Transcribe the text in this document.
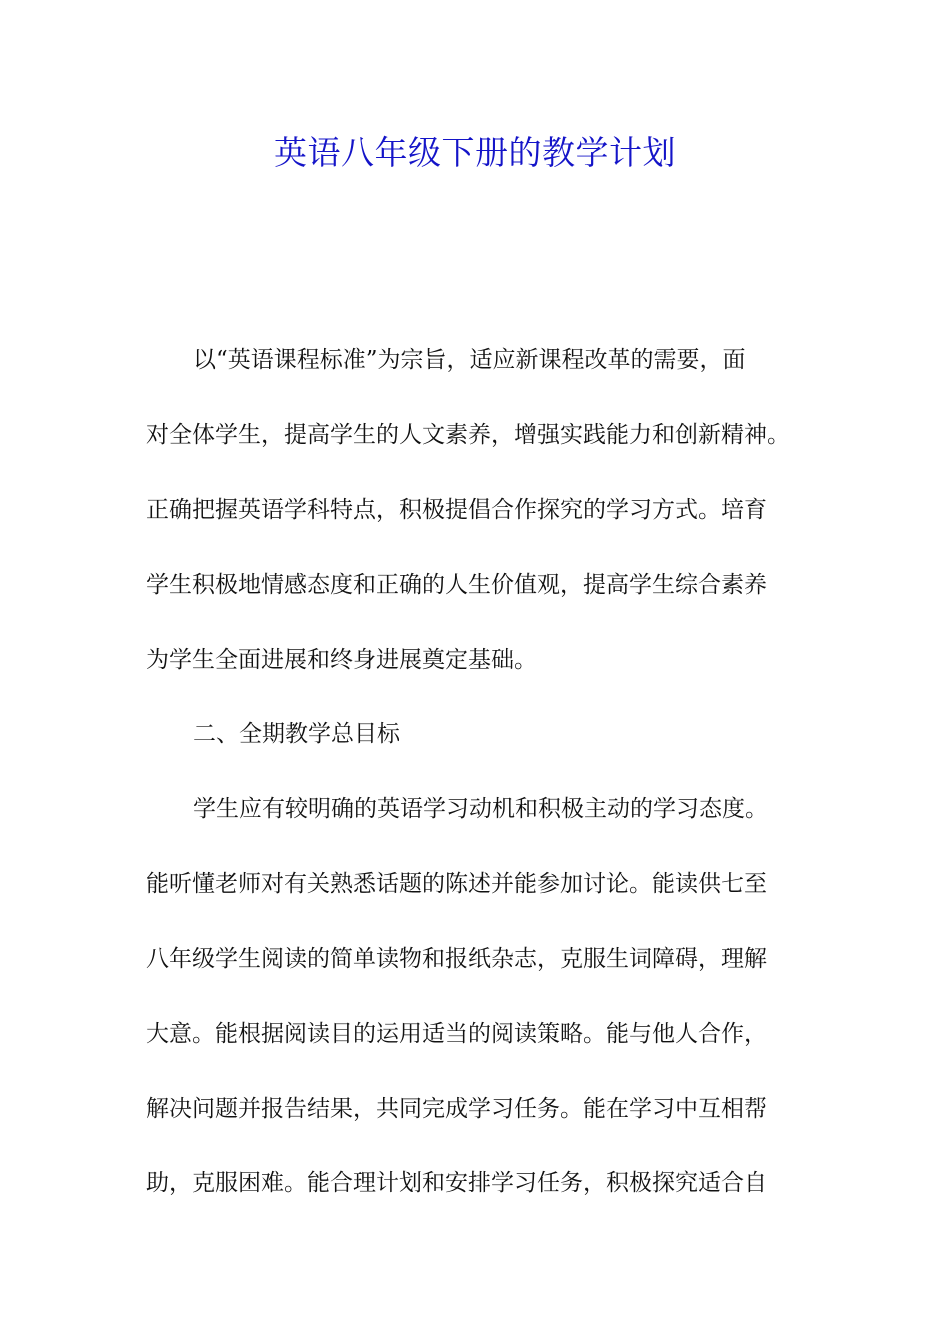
英语八年级下册的教学计划
以“英语课程标准”为宗旨，适应新课程改革的需要，面
对全体学生，提高学生的人文素养，增强实践能力和创新精神。
正确把握英语学科特点，积极提倡合作探究的学习方式。培育
学生积极地情感态度和正确的人生价值观，提高学生综合素养
为学生全面进展和终身进展奠定基础。
二、全期教学总目标
学生应有较明确的英语学习动机和积极主动的学习态度。
能听懂老师对有关熟悉话题的陈述并能参加讨论。能读供七至
八年级学生阅读的简单读物和报纸杂志，克服生词障碍，理解
大意。能根据阅读目的运用适当的阅读策略。能与他人合作，
解决问题并报告结果，共同完成学习任务。能在学习中互相帮
助，克服困难。能合理计划和安排学习任务，积极探究适合自
